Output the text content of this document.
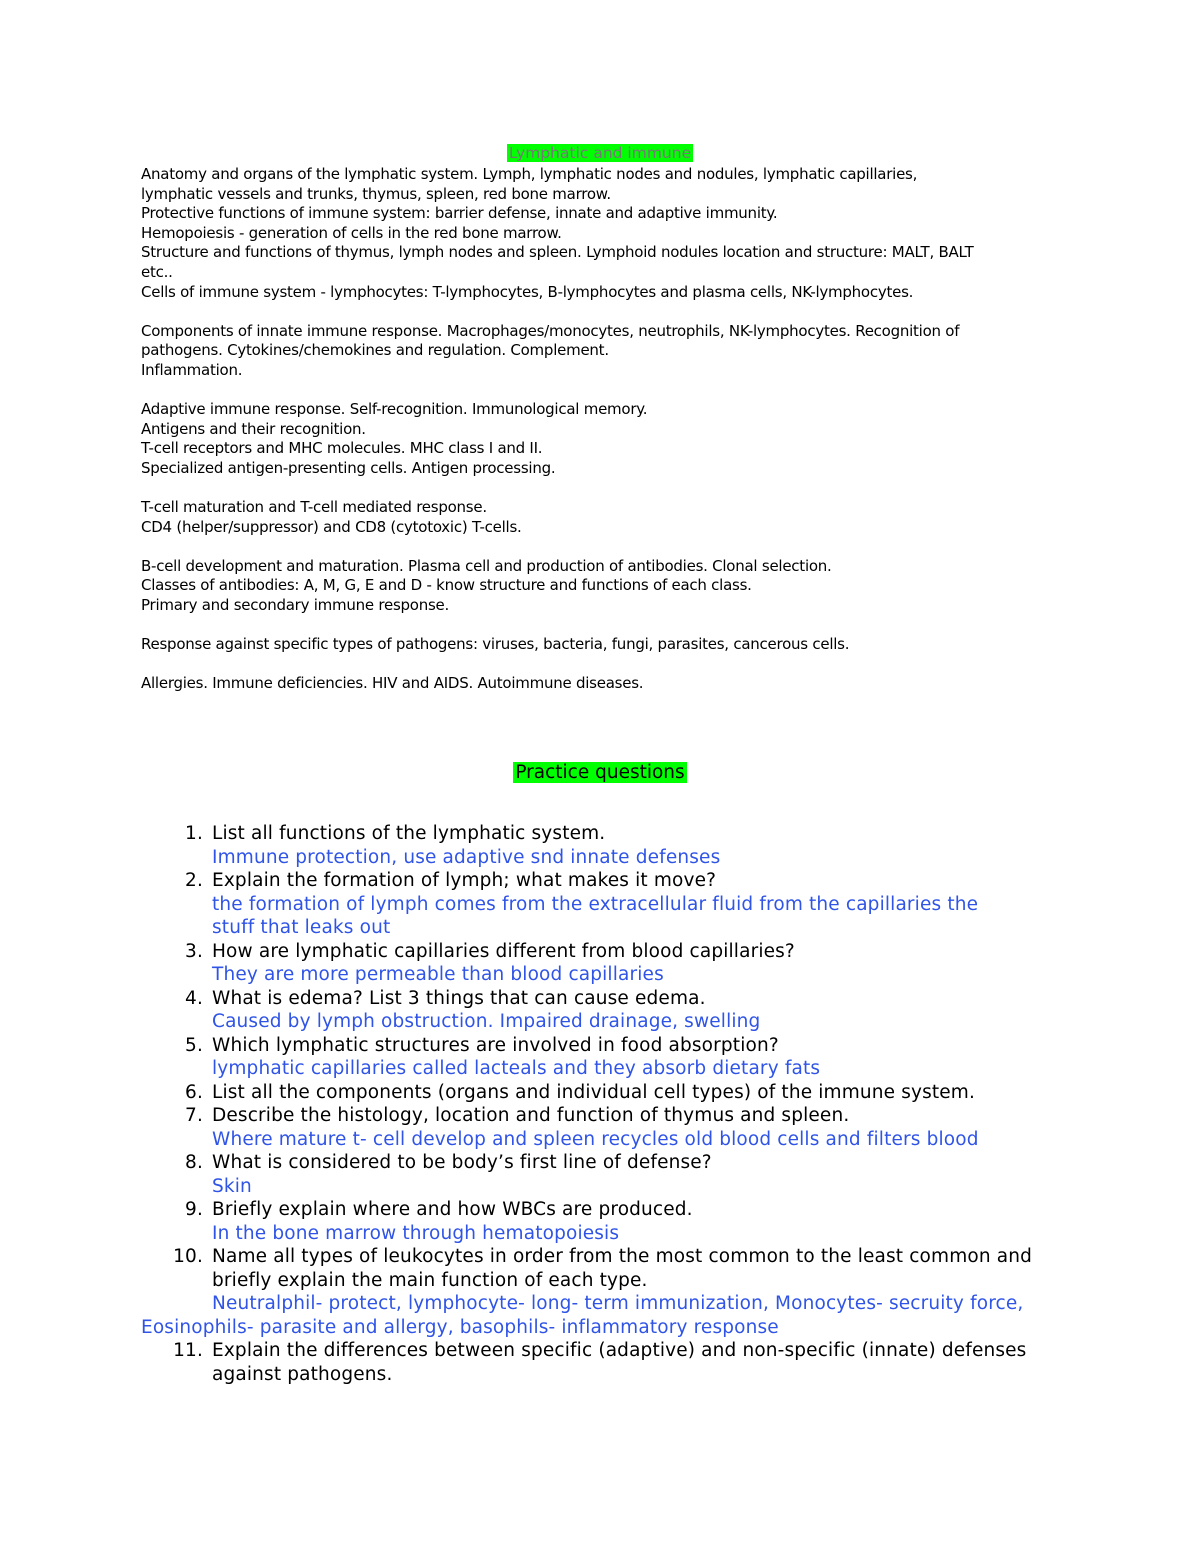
Lymphatic and immune

Anatomy and organs of the lymphatic system. Lymph, lymphatic nodes and nodules, lymphatic capillaries,

lymphatic vessels and trunks, thymus, spleen, red bone marrow.

Protective functions of immune system: barrier defense, innate and adaptive immunity.

Hemopoiesis - generation of cells in the red bone marrow.

Structure and functions of thymus, lymph nodes and spleen. Lymphoid nodules location and structure: MALT, BALT

etc..

Cells of immune system - lymphocytes: T-lymphocytes, B-lymphocytes and plasma cells, NK-lymphocytes.

Components of innate immune response. Macrophages/monocytes, neutrophils, NK-lymphocytes. Recognition of

pathogens. Cytokines/chemokines and regulation. Complement.

Inflammation.

Adaptive immune response. Self-recognition. Immunological memory.

Antigens and their recognition.

T-cell receptors and MHC molecules. MHC class I and II.

Specialized antigen-presenting cells. Antigen processing.

T-cell maturation and T-cell mediated response.

CD4 (helper/suppressor) and CD8 (cytotoxic) T-cells.

B-cell development and maturation. Plasma cell and production of antibodies. Clonal selection.

Classes of antibodies: A, M, G, E and D - know structure and functions of each class.

Primary and secondary immune response.

Response against specific types of pathogens: viruses, bacteria, fungi, parasites, cancerous cells.

Allergies. Immune deficiencies. HIV and AIDS. Autoimmune diseases.

Practice questions
1. List all functions of the lymphatic system.
Immune protection, use adaptive snd innate defenses
2. Explain the formation of lymph; what makes it move?
the formation of lymph comes from the extracellular fluid from the capillaries the
stuff that leaks out
3. How are lymphatic capillaries different from blood capillaries?
They are more permeable than blood capillaries
4. What is edema? List 3 things that can cause edema.
Caused by lymph obstruction. Impaired drainage, swelling
5. Which lymphatic structures are involved in food absorption?
lymphatic capillaries called lacteals and they absorb dietary fats
6. List all the components (organs and individual cell types) of the immune system.
7. Describe the histology, location and function of thymus and spleen.
Where mature t- cell develop and spleen recycles old blood cells and filters blood
8. What is considered to be body’s first line of defense?
Skin
9. Briefly explain where and how WBCs are produced.
In the bone marrow through hematopoiesis
10. Name all types of leukocytes in order from the most common to the least common and
briefly explain the main function of each type.
Neutralphil- protect, lymphocyte- long- term immunization, Monocytes- secruity force,
Eosinophils- parasite and allergy, basophils- inflammatory response
11. Explain the differences between specific (adaptive) and non-specific (innate) defenses
against pathogens.
